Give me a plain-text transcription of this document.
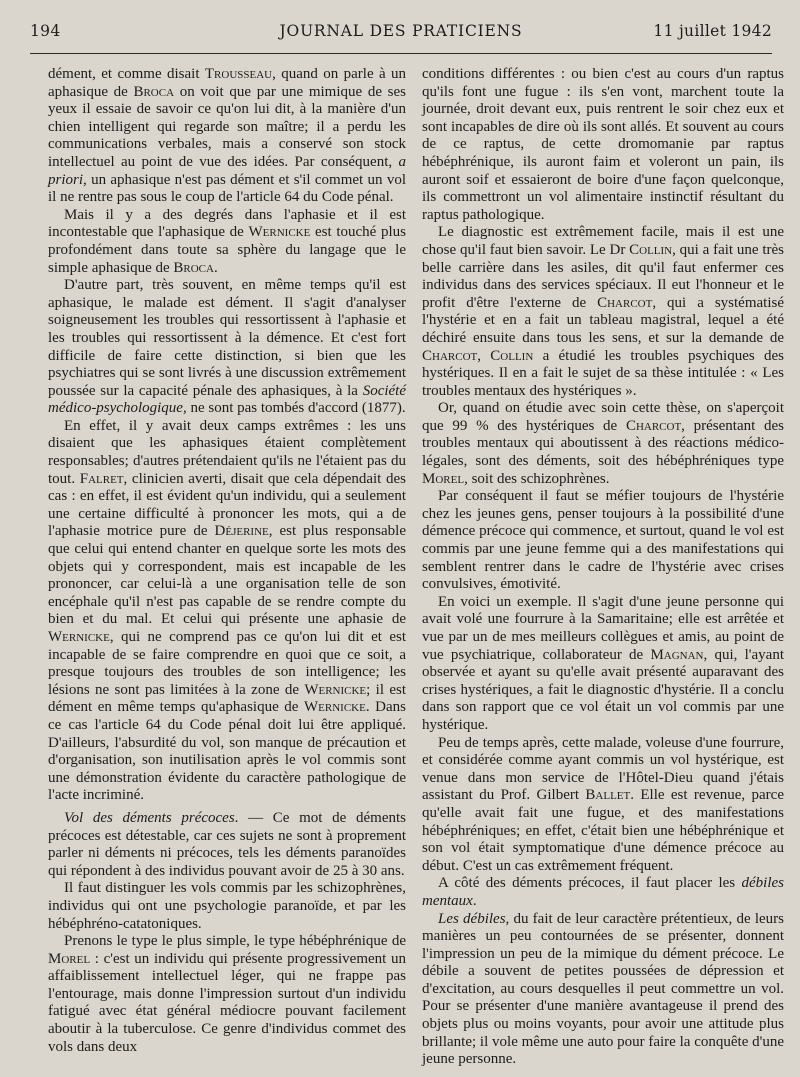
194	JOURNAL DES PRATICIENS	11 juillet 1942

dément, et comme disait Trousseau, quand on parle à un aphasique de Broca on voit que par une mimique de ses yeux il essaie de savoir ce qu'on lui dit, à la manière d'un chien intelligent qui regarde son maître; il a perdu les communications verbales, mais a conservé son stock intellectuel au point de vue des idées. Par conséquent, a priori, un aphasique n'est pas dément et s'il commet un vol il ne rentre pas sous le coup de l'article 64 du Code pénal.

Mais il y a des degrés dans l'aphasie et il est incontestable que l'aphasique de Wernicke est touché plus profondément dans toute sa sphère du langage que le simple aphasique de Broca.

D'autre part, très souvent, en même temps qu'il est aphasique, le malade est dément. Il s'agit d'analyser soigneusement les troubles qui ressortissent à l'aphasie et les troubles qui ressortissent à la démence. Et c'est fort difficile de faire cette distinction, si bien que les psychiatres qui se sont livrés à une discussion extrêmement poussée sur la capacité pénale des aphasiques, à la Société médico-psychologique, ne sont pas tombés d'accord (1877).

En effet, il y avait deux camps extrêmes : les uns disaient que les aphasiques étaient complètement responsables; d'autres prétendaient qu'ils ne l'étaient pas du tout. Falret, clinicien averti, disait que cela dépendait des cas : en effet, il est évident qu'un individu, qui a seulement une certaine difficulté à prononcer les mots, qui a de l'aphasie motrice pure de Déjerine, est plus responsable que celui qui entend chanter en quelque sorte les mots des objets qui y correspondent, mais est incapable de les prononcer, car celui-là a une organisation telle de son encéphale qu'il n'est pas capable de se rendre compte du bien et du mal. Et celui qui présente une aphasie de Wernicke, qui ne comprend pas ce qu'on lui dit et est incapable de se faire comprendre en quoi que ce soit, a presque toujours des troubles de son intelligence; les lésions ne sont pas limitées à la zone de Wernicke; il est dément en même temps qu'aphasique de Wernicke. Dans ce cas l'article 64 du Code pénal doit lui être appliqué. D'ailleurs, l'absurdité du vol, son manque de précaution et d'organisation, son inutilisation après le vol commis sont une démonstration évidente du caractère pathologique de l'acte incriminé.

Vol des déments précoces. — Ce mot de déments précoces est détestable, car ces sujets ne sont à proprement parler ni déments ni précoces, tels les déments paranoïdes qui répondent à des individus pouvant avoir de 25 à 30 ans.

Il faut distinguer les vols commis par les schizophrènes, individus qui ont une psychologie paranoïde, et par les hébéphréno-catatoniques.

Prenons le type le plus simple, le type hébéphrénique de Morel : c'est un individu qui présente progressivement un affaiblissement intellectuel léger, qui ne frappe pas l'entourage, mais donne l'impression surtout d'un individu fatigué avec état général médiocre pouvant facilement aboutir à la tuberculose. Ce genre d'individus commet des vols dans deux

conditions différentes : ou bien c'est au cours d'un raptus qu'ils font une fugue : ils s'en vont, marchent toute la journée, droit devant eux, puis rentrent le soir chez eux et sont incapables de dire où ils sont allés. Et souvent au cours de ce raptus, de cette dromomanie par raptus hébéphrénique, ils auront faim et voleront un pain, ils auront soif et essaieront de boire d'une façon quelconque, ils commettront un vol alimentaire instinctif résultant du raptus pathologique.

Le diagnostic est extrêmement facile, mais il est une chose qu'il faut bien savoir. Le Dr Collin, qui a fait une très belle carrière dans les asiles, dit qu'il faut enfermer ces individus dans des services spéciaux. Il eut l'honneur et le profit d'être l'externe de Charcot, qui a systématisé l'hystérie et en a fait un tableau magistral, lequel a été déchiré ensuite dans tous les sens, et sur la demande de Charcot, Collin a étudié les troubles psychiques des hystériques. Il en a fait le sujet de sa thèse intitulée : « Les troubles mentaux des hystériques ».

Or, quand on étudie avec soin cette thèse, on s'aperçoit que 99 % des hystériques de Charcot, présentant des troubles mentaux qui aboutissent à des réactions médico-légales, sont des déments, soit des hébéphréniques type Morel, soit des schizophrènes.

Par conséquent il faut se méfier toujours de l'hystérie chez les jeunes gens, penser toujours à la possibilité d'une démence précoce qui commence, et surtout, quand le vol est commis par une jeune femme qui a des manifestations qui semblent rentrer dans le cadre de l'hystérie avec crises convulsives, émotivité.

En voici un exemple. Il s'agit d'une jeune personne qui avait volé une fourrure à la Samaritaine; elle est arrêtée et vue par un de mes meilleurs collègues et amis, au point de vue psychiatrique, collaborateur de Magnan, qui, l'ayant observée et ayant su qu'elle avait présenté auparavant des crises hystériques, a fait le diagnostic d'hystérie. Il a conclu dans son rapport que ce vol était un vol commis par une hystérique.

Peu de temps après, cette malade, voleuse d'une fourrure, et considérée comme ayant commis un vol hystérique, est venue dans mon service de l'Hôtel-Dieu quand j'étais assistant du Prof. Gilbert Ballet. Elle est revenue, parce qu'elle avait fait une fugue, et des manifestations hébéphréniques; en effet, c'était bien une hébéphrénique et son vol était symptomatique d'une démence précoce au début. C'est un cas extrêmement fréquent.

A côté des déments précoces, il faut placer les débiles mentaux.

Les débiles, du fait de leur caractère prétentieux, de leurs manières un peu contournées de se présenter, donnent l'impression un peu de la mimique du dément précoce. Le débile a souvent de petites poussées de dépression et d'excitation, au cours desquelles il peut commettre un vol. Pour se présenter d'une manière avantageuse il prend des objets plus ou moins voyants, pour avoir une attitude plus brillante; il vole même une auto pour faire la conquête d'une jeune personne.
